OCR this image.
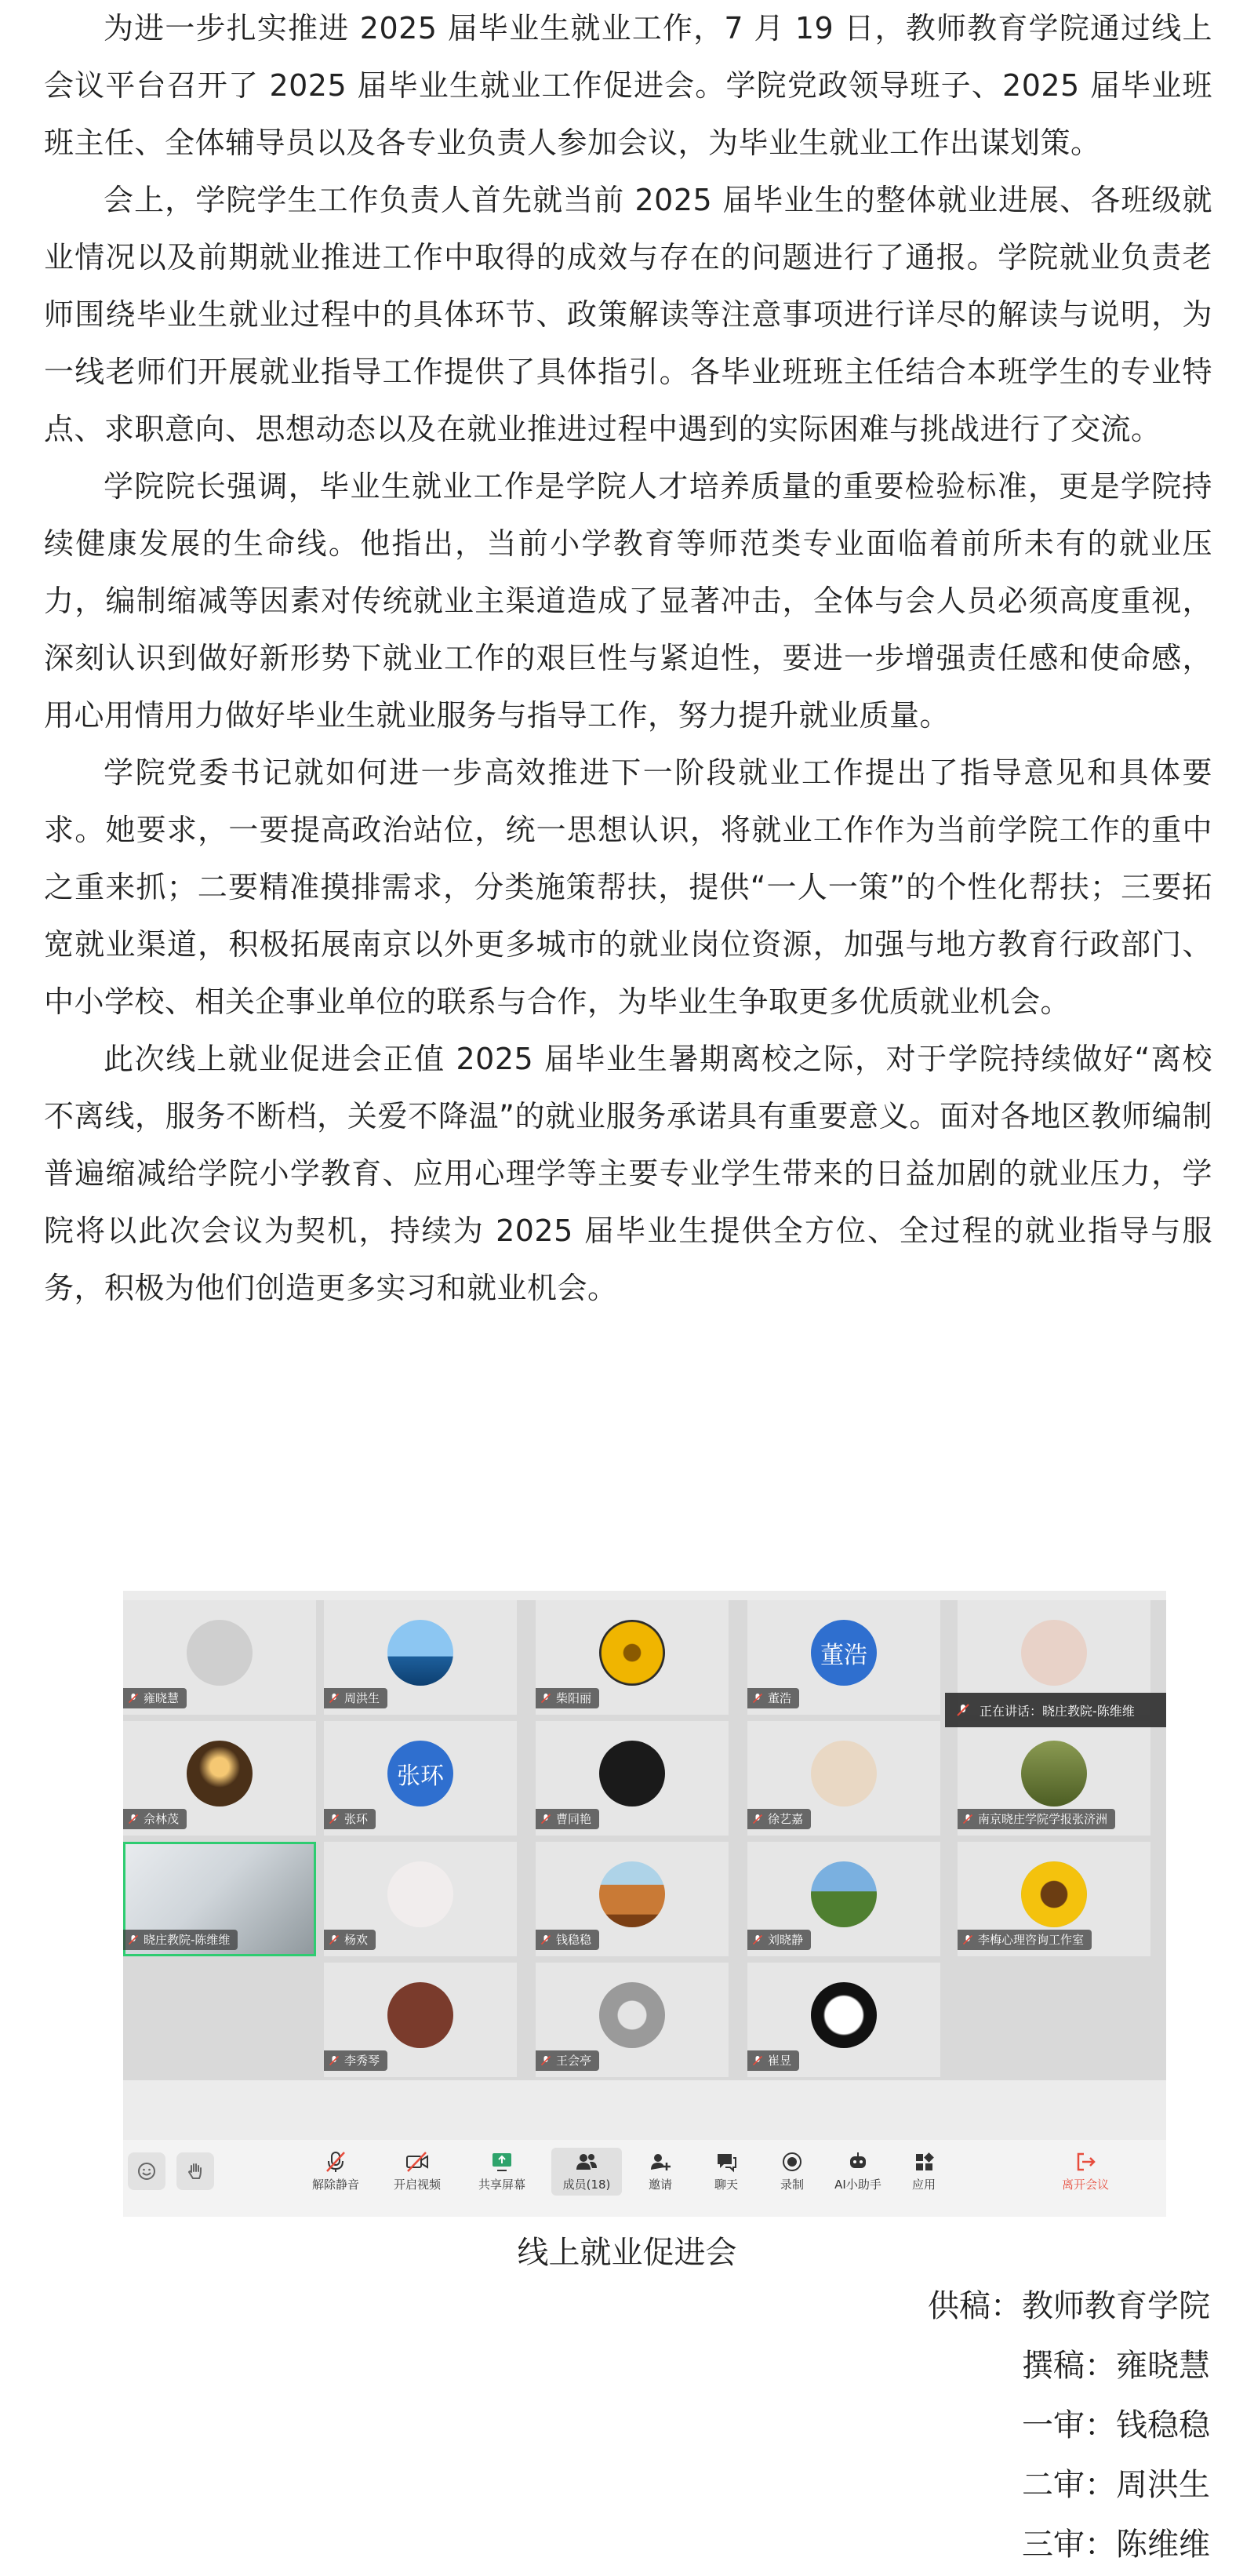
为进一步扎实推进 2025 届毕业生就业工作，7 月 19 日，教师教育学院通过线上会议平台召开了 2025 届毕业生就业工作促进会。学院党政领导班子、2025 届毕业班班主任、全体辅导员以及各专业负责人参加会议，为毕业生就业工作出谋划策。

会上，学院学生工作负责人首先就当前 2025 届毕业生的整体就业进展、各班级就业情况以及前期就业推进工作中取得的成效与存在的问题进行了通报。学院就业负责老师围绕毕业生就业过程中的具体环节、政策解读等注意事项进行详尽的解读与说明，为一线老师们开展就业指导工作提供了具体指引。各毕业班班主任结合本班学生的专业特点、求职意向、思想动态以及在就业推进过程中遇到的实际困难与挑战进行了交流。

学院院长强调，毕业生就业工作是学院人才培养质量的重要检验标准，更是学院持续健康发展的生命线。他指出，当前小学教育等师范类专业面临着前所未有的就业压力，编制缩减等因素对传统就业主渠道造成了显著冲击，全体与会人员必须高度重视，深刻认识到做好新形势下就业工作的艰巨性与紧迫性，要进一步增强责任感和使命感，用心用情用力做好毕业生就业服务与指导工作，努力提升就业质量。

学院党委书记就如何进一步高效推进下一阶段就业工作提出了指导意见和具体要求。她要求，一要提高政治站位，统一思想认识，将就业工作作为当前学院工作的重中之重来抓；二要精准摸排需求，分类施策帮扶，提供“一人一策”的个性化帮扶；三要拓宽就业渠道，积极拓展南京以外更多城市的就业岗位资源，加强与地方教育行政部门、中小学校、相关企事业单位的联系与合作，为毕业生争取更多优质就业机会。

此次线上就业促进会正值 2025 届毕业生暑期离校之际，对于学院持续做好“离校不离线，服务不断档，关爱不降温”的就业服务承诺具有重要意义。面对各地区教师编制普遍缩减给学院小学教育、应用心理学等主要专业学生带来的日益加剧的就业压力，学院将以此次会议为契机，持续为 2025 届毕业生提供全方位、全过程的就业指导与服务，积极为他们创造更多实习和就业机会。

雍晓慧	周洪生	柴阳丽
董浩
董浩
佘林茂
张环
张环	曹同艳	徐艺嘉	南京晓庄学院学报张济洲
晓庄教院-陈维维	杨欢	钱稳稳	刘晓静	李梅心理咨询工作室
李秀琴	王会亭	崔昱
正在讲话：晓庄教院-陈维维
解除静音	开启视频	共享屏幕	成员(18)	邀请	聊天	录制	AI小助手	应用	离开会议
线上就业促进会
供稿：教师教育学院
撰稿：雍晓慧
一审：钱稳稳
二审：周洪生
三审：陈维维
